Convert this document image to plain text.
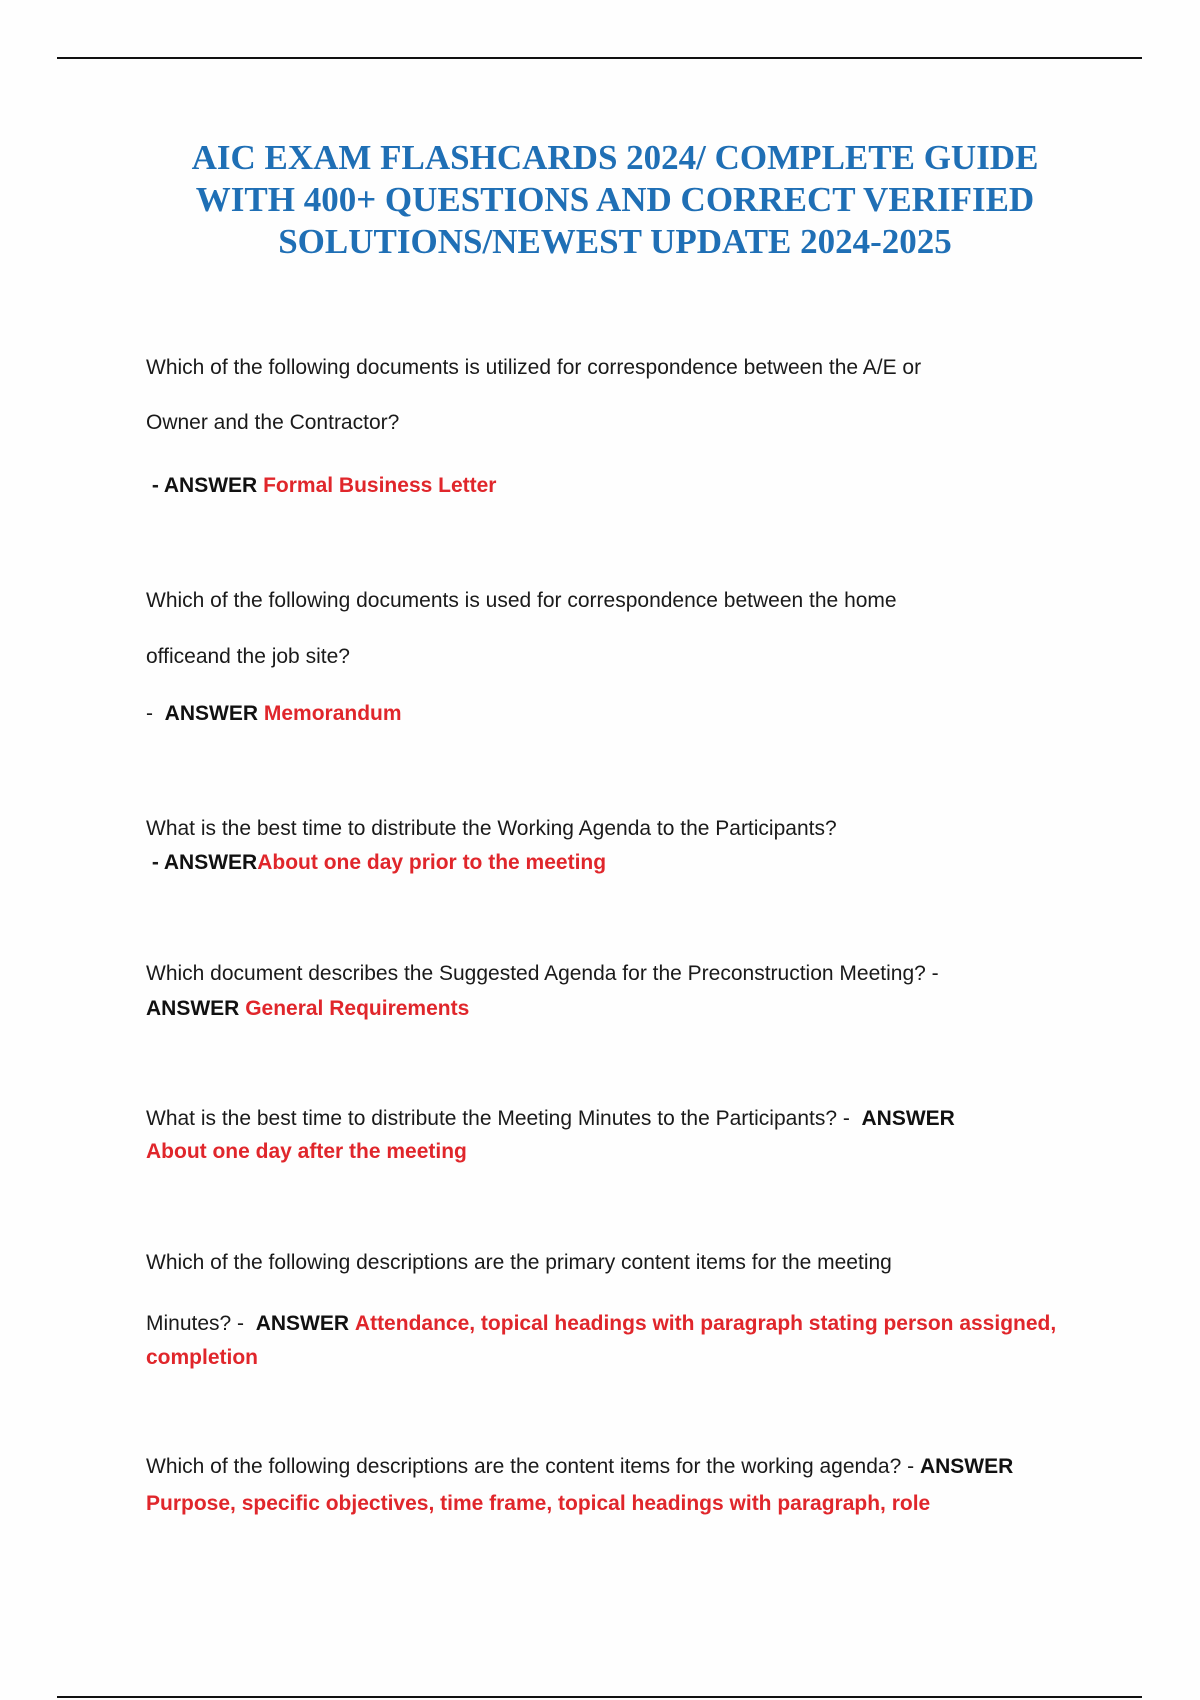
AIC EXAM FLASHCARDS 2024/ COMPLETE GUIDE
WITH 400+ QUESTIONS AND CORRECT VERIFIED
SOLUTIONS/NEWEST UPDATE 2024-2025

Which of the following documents is utilized for correspondence between the A/E or

Owner and the Contractor?

- ANSWER Formal Business Letter

Which of the following documents is used for correspondence between the home

officeand the job site?

-  ANSWER Memorandum

What is the best time to distribute the Working Agenda to the Participants?

- ANSWERAbout one day prior to the meeting

Which document describes the Suggested Agenda for the Preconstruction Meeting? -

ANSWER General Requirements

What is the best time to distribute the Meeting Minutes to the Participants? - ANSWER

About one day after the meeting

Which of the following descriptions are the primary content items for the meeting

Minutes? - ANSWER Attendance, topical headings with paragraph stating person assigned,

completion

Which of the following descriptions are the content items for the working agenda? - ANSWER

Purpose, specific objectives, time frame, topical headings with paragraph, role
